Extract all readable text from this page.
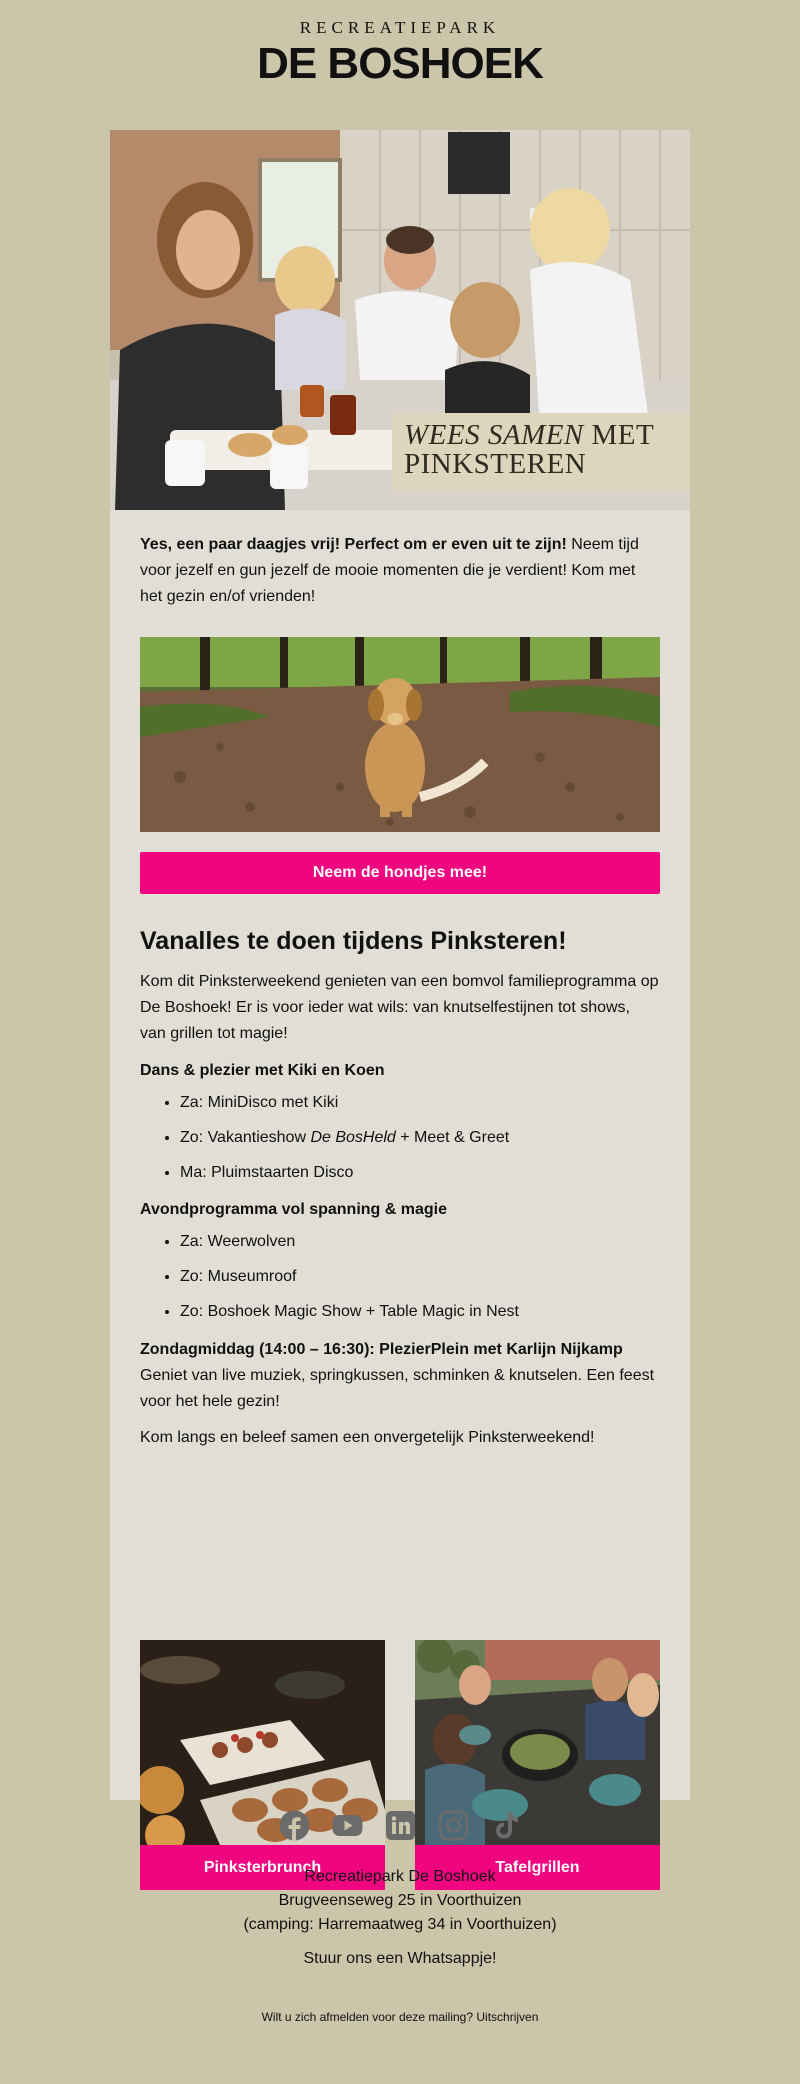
RECREATIEPARK
DE BOSHOEK
WEES SAMEN MET
PINKSTEREN

Yes, een paar daagjes vrij! Perfect om er even uit te zijn! Neem tijd voor jezelf en gun jezelf de mooie momenten die je verdient! Kom met het gezin en/of vrienden!

Neem de hondjes mee!
Vanalles te doen tijdens Pinksteren!

Kom dit Pinksterweekend genieten van een bomvol familieprogramma op De Boshoek! Er is voor ieder wat wils: van knutselfestijnen tot shows, van grillen tot magie!

Dans & plezier met Kiki en Koen

• Za: MiniDisco met Kiki
• Zo: Vakantieshow De BosHeld + Meet & Greet
• Ma: Pluimstaarten Disco

Avondprogramma vol spanning & magie

• Za: Weerwolven
• Zo: Museumroof
• Zo: Boshoek Magic Show + Table Magic in Nest

Zondagmiddag (14:00 – 16:30): PlezierPlein met Karlijn Nijkamp
Geniet van live muziek, springkussen, schminken & knutselen. Een feest voor het hele gezin!

Kom langs en beleef samen een onvergetelijk Pinksterweekend!

Pinksterbrunch	Tafelgrillen
Recreatiepark De Boshoek
Brugveenseweg 25 in Voorthuizen
(camping: Harremaatweg 34 in Voorthuizen)
Stuur ons een Whatsappje!
Wilt u zich afmelden voor deze mailing? Uitschrijven
